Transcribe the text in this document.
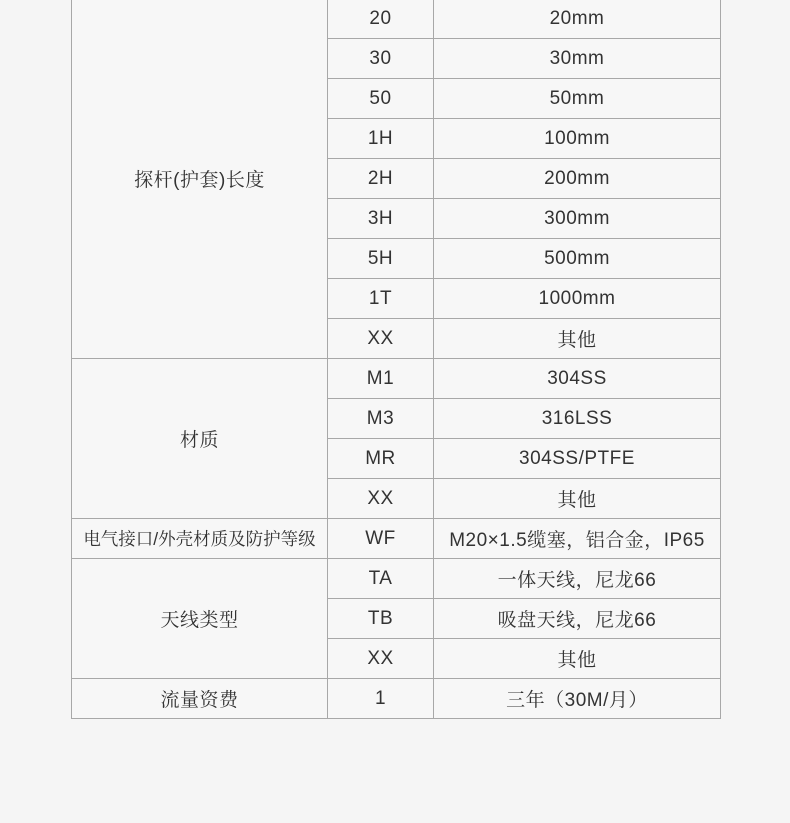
探杆(护套)长度	20	20mm
	30	30mm
	50	50mm
	1H	100mm
	2H	200mm
	3H	300mm
	5H	500mm
	1T	1000mm
	XX	其他
材质	M1	304SS
	M3	316LSS
	MR	304SS/PTFE
	XX	其他
电气接口/外壳材质及防护等级	WF	M20×1.5缆塞，铝合金，IP65
天线类型	TA	一体天线，尼龙66
	TB	吸盘天线，尼龙66
	XX	其他
流量资费	1	三年（30M/月）
